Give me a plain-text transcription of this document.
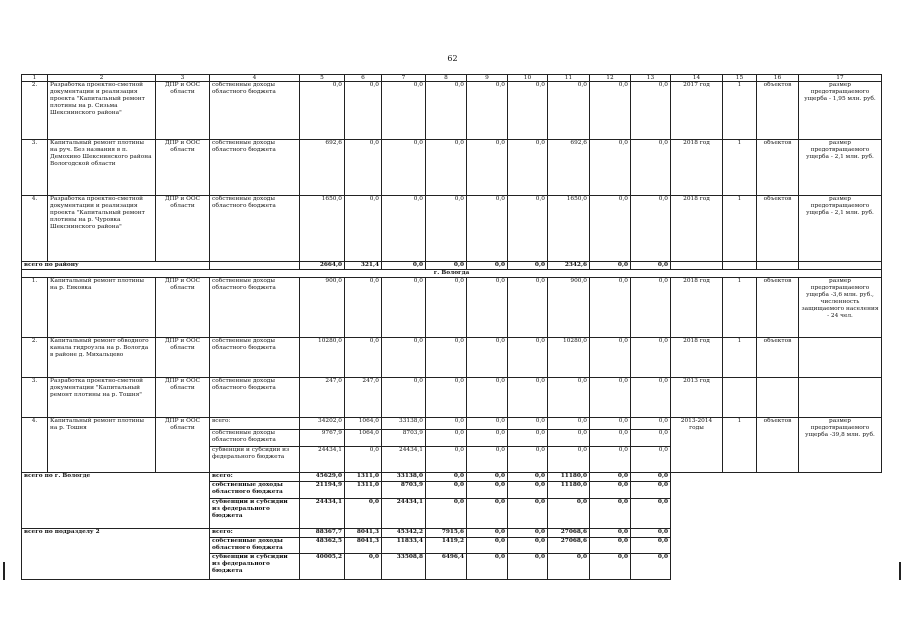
62
1	2	3	4	5	6	7	8	9	10	11	12	13	14	15	16	17
2.	Разработка проектно-сметной документации и реализация проекта "Капитальный ремонт плотины на р. Сизьма Шекснинского района"	ДПР и ООС области	собственные доходы областного бюджета	0,0	0,0	0,0	0,0	0,0	0,0	0,0	0,0	0,0	2017 год	1	объектов	размер предотвращаемого ущерба - 1,95 млн. руб.
3.	Капитальный ремонт плотины на руч. Без названия в п. Демохино Шекснинского района Вологодской области	ДПР и ООС области	собственные доходы областного бюджета	692,6	0,0	0,0	0,0	0,0	0,0	692,6	0,0	0,0	2018 год	1	объектов	размер предотвращаемого ущерба - 2,1 млн. руб.
4.	Разработка проектно-сметной документации и реализация проекта "Капитальный ремонт плотины на р. Чуровка Шекснинского района"	ДПР и ООС области	собственные доходы областного бюджета	1650,0	0,0	0,0	0,0	0,0	0,0	1650,0	0,0	0,0	2018 год	1	объектов	размер предотвращаемого ущерба - 2,1 млн. руб.
всего по району				2664,0	321,4	0,0	0,0	0,0	0,0	2342,6	0,0	0,0				
г. Вологда																
1.	Капитальный ремонт плотины на р. Евковка	ДПР и ООС области	собственные доходы областного бюджета	900,0	0,0	0,0	0,0	0,0	0,0	900,0	0,0	0,0	2018 год	1	объектов	размер предотвращаемого ущерба -3,6 млн. руб., численность защищаемого населения - 24 чел.
2.	Капитальный ремонт обводного канала гидроузла на р. Вологда в районе д. Михальцево	ДПР и ООС области	собственные доходы областного бюджета	10280,0	0,0	0,0	0,0	0,0	0,0	10280,0	0,0	0,0	2018 год	1	объектов	
3.	Разработка проектно-сметной документации "Капитальный ремонт плотины на р. Тошня"	ДПР и ООС области	собственные доходы областного бюджета	247,0	247,0	0,0	0,0	0,0	0,0	0,0	0,0	0,0	2013 год			
4.	Капитальный ремонт плотины на р. Тошня	ДПР и ООС области	всего:	34202,0	1064,0	33138,0	0,0	0,0	0,0	0,0	0,0	0,0	2013-2014 годы	1	объектов	размер предотвращаемого ущерба -39,8 млн. руб.
			собственные доходы областного бюджета	9767,9	1064,0	8703,9	0,0	0,0	0,0	0,0	0,0	0,0				
			субвенции и субсидии из федерального бюджета	24434,1	0,0	24434,1	0,0	0,0	0,0	0,0	0,0	0,0				
всего по г. Вологде			всего:	45629,0	1311,0	33138,0	0,0	0,0	0,0	11180,0	0,0	0,0				
			собственные доходы областного бюджета	21194,9	1311,0	8703,9	0,0	0,0	0,0	11180,0	0,0	0,0				
			субвенции и субсидии из федерального бюджета	24434,1	0,0	24434,1	0,0	0,0	0,0	0,0	0,0	0,0				
всего по подразделу 2			всего:	88367,7	8041,3	45342,2	7915,6	0,0	0,0	27068,6	0,0	0,0				
			собственные доходы областного бюджета	48362,5	8041,3	11833,4	1419,2	0,0	0,0	27068,6	0,0	0,0				
			субвенции и субсидии из федерального бюджета	40005,2	0,0	33508,8	6496,4	0,0	0,0	0,0	0,0	0,0				
